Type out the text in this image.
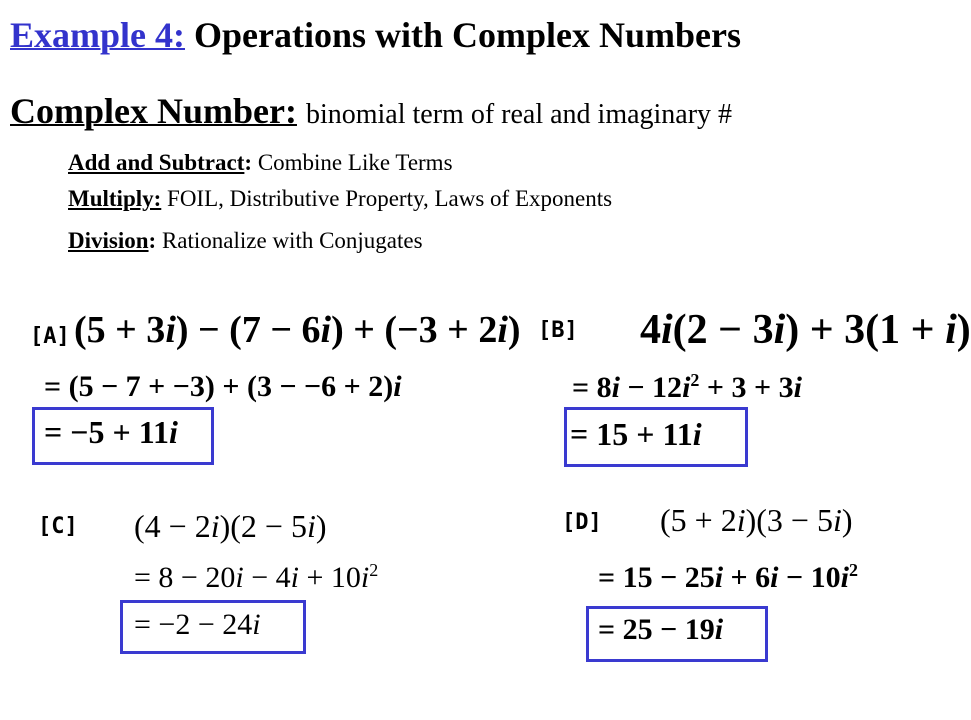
Example 4: Operations with Complex Numbers
Complex Number: binomial term of real and imaginary #
Add and Subtract: Combine Like Terms
Multiply: FOIL, Distributive Property, Laws of Exponents
Division: Rationalize with Conjugates
[A] (5 + 3i) − (7 − 6i) + (−3 + 2i)
= (5 − 7 + −3) + (3 − −6 + 2)i
= −5 + 11i
[B] 4i(2 − 3i) + 3(1 + i)
= $8i - 12i^2 + 3 + 3i$
= 15 + 11i
[C] (4 − 2i)(2 − 5i)
= $8 - 20i - 4i + 10i^2$
= −2 − 24i
[D] (5 + 2i)(3 − 5i)
= $15 - 25i + 6i - 10i^2$
= 25 − 19i
